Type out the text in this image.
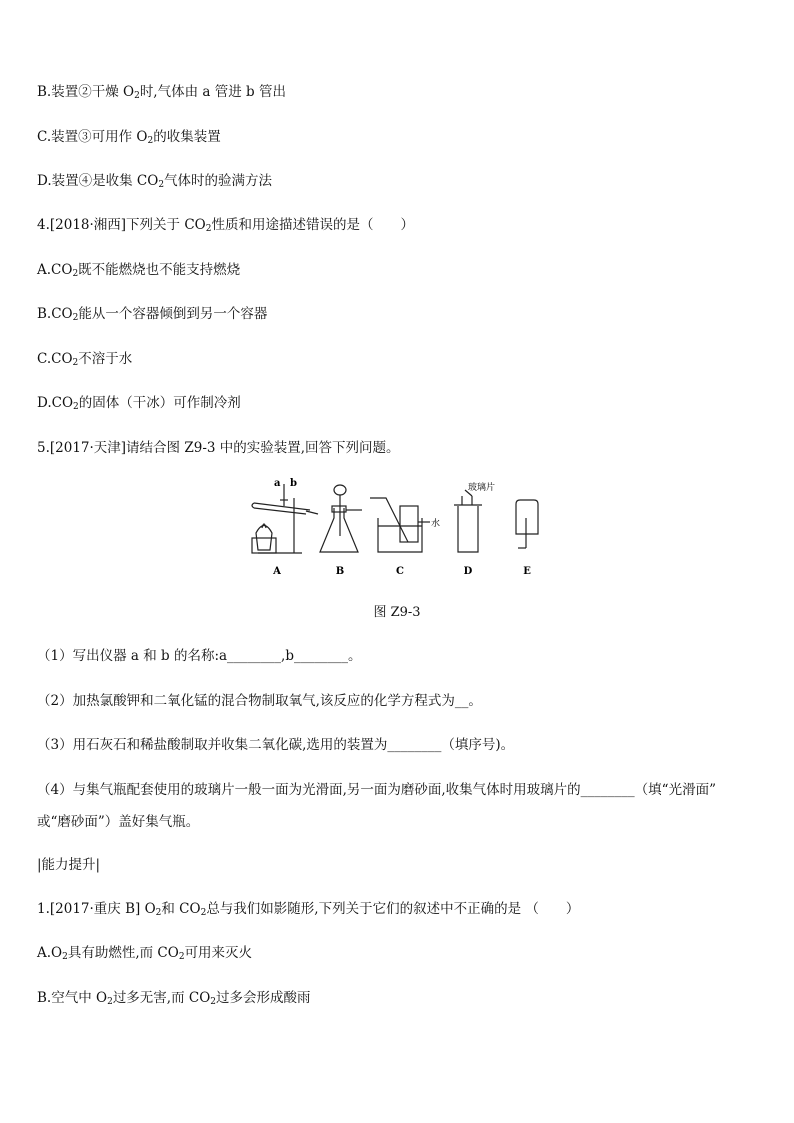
B.装置②干燥 $O_2$时,气体由 a 管进 b 管出
C.装置③可用作 $O_2$的收集装置
D.装置④是收集 $CO_2$气体时的验满方法
4.[2018·湘西]下列关于 $CO_2$性质和用途描述错误的是（　　）
$A.CO_2$既不能燃烧也不能支持燃烧
$B.CO_2$能从一个容器倾倒到另一个容器
$C.CO_2$不溶于水
$D.CO_2$的固体（干冰）可作制冷剂
5.[2017·天津]请结合图 Z9-3 中的实验装置,回答下列问题。
a b
水
玻璃片
A	B	C	D	E
图 Z9-3
（1）写出仪器 a 和 b 的名称:a________,b________。
（2）加热氯酸钾和二氧化锰的混合物制取氧气,该反应的化学方程式为__。
（3）用石灰石和稀盐酸制取并收集二氧化碳,选用的装置为________（填序号)。
（4）与集气瓶配套使用的玻璃片一般一面为光滑面,另一面为磨砂面,收集气体时用玻璃片的________（填“光滑面”
或“磨砂面”）盖好集气瓶。
|能力提升|
1.[2017·重庆 B] $O_2$和 $CO_2$总与我们如影随形,下列关于它们的叙述中不正确的是 （　　）
$A.O_2$具有助燃性,而 $CO_2$可用来灭火
B.空气中 $O_2$过多无害,而 $CO_2$过多会形成酸雨
